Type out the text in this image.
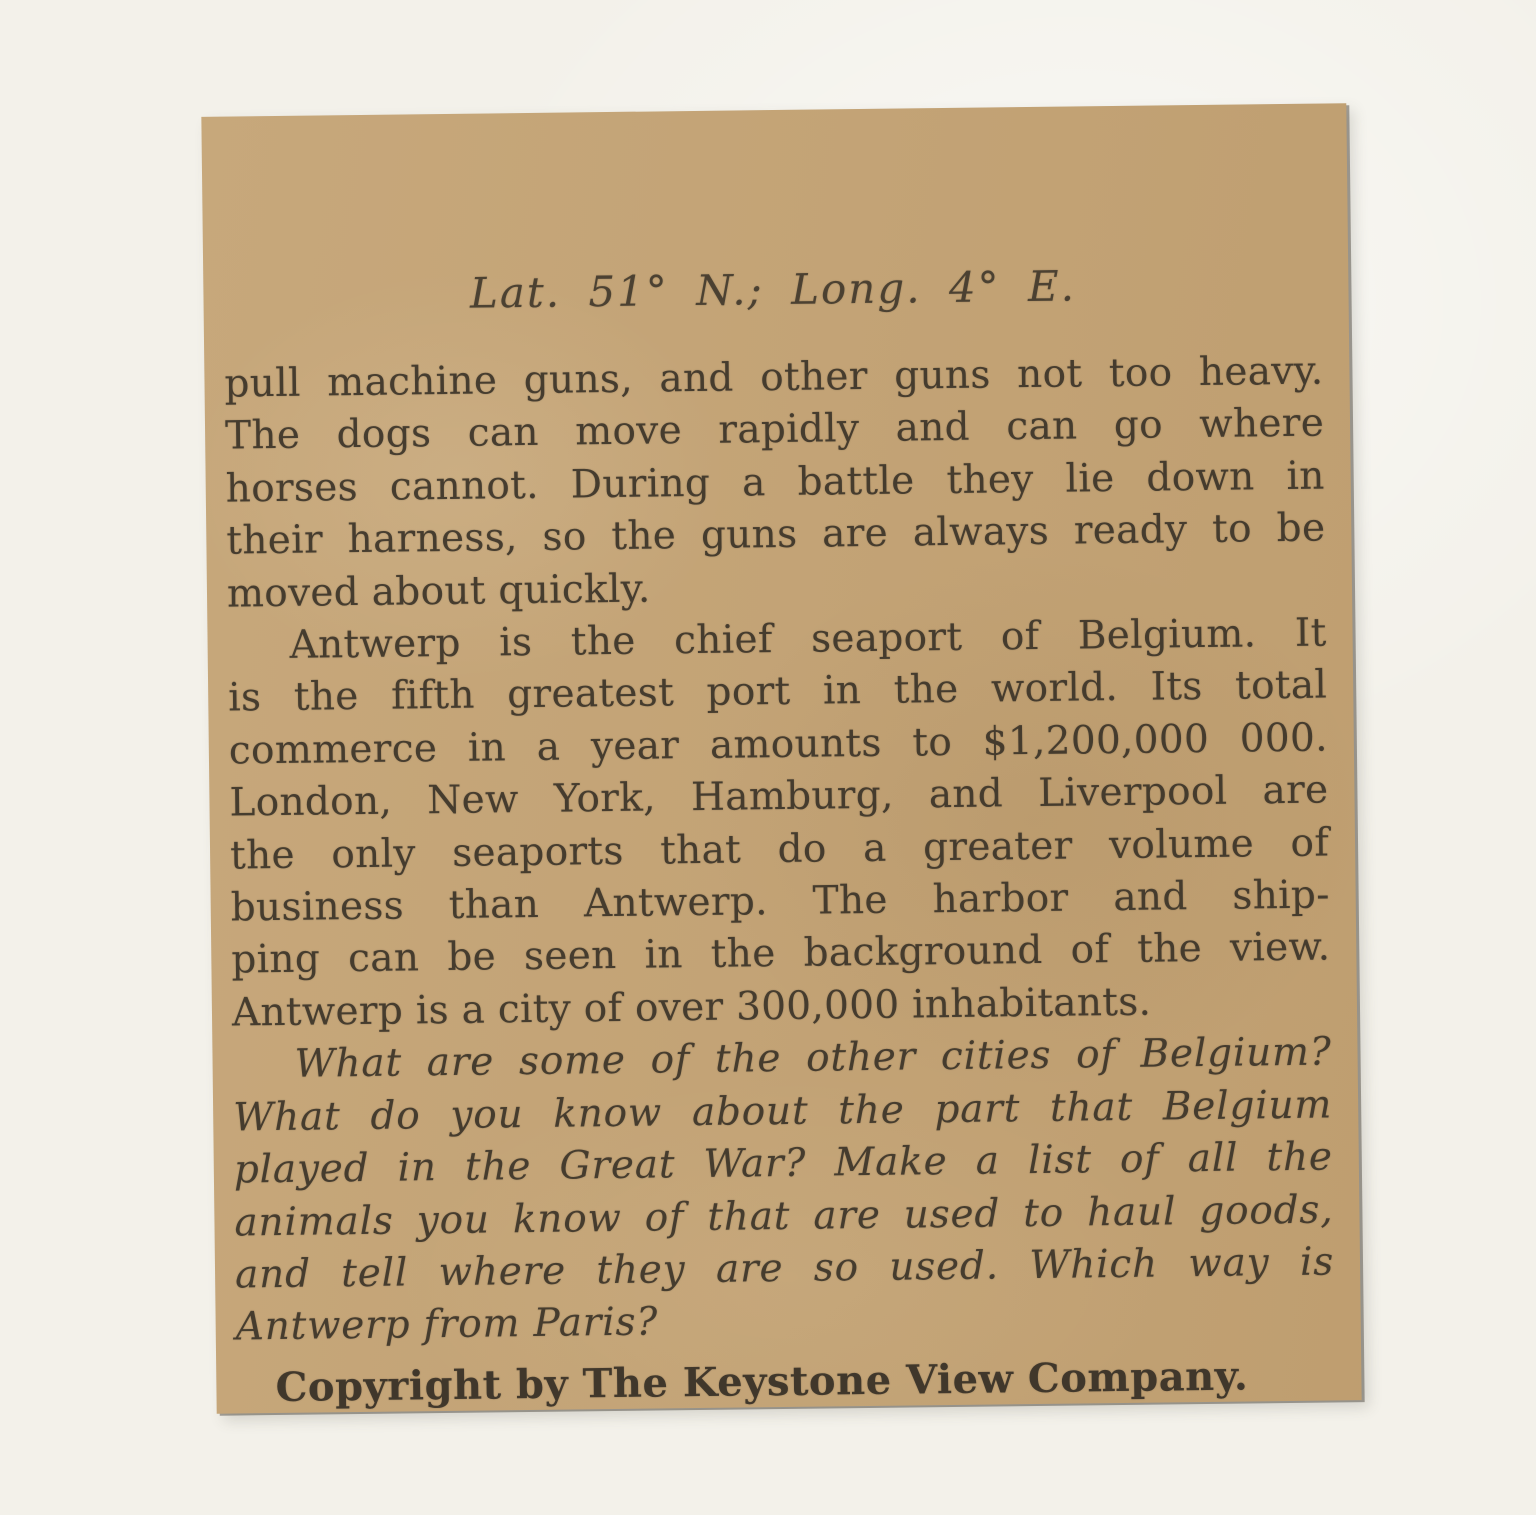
Lat. 51° N.; Long. 4° E.
pull machine guns, and other guns not too heavy.
The dogs can move rapidly and can go where
horses cannot. During a battle they lie down in
their harness, so the guns are always ready to be
moved about quickly.
Antwerp is the chief seaport of Belgium. It
is the fifth greatest port in the world. Its total
commerce in a year amounts to $1,200,000 000.
London, New York, Hamburg, and Liverpool are
the only seaports that do a greater volume of
business than Antwerp. The harbor and ship-
ping can be seen in the background of the view.
Antwerp is a city of over 300,000 inhabitants.
What are some of the other cities of Belgium?
What do you know about the part that Belgium
played in the Great War? Make a list of all the
animals you know of that are used to haul goods,
and tell where they are so used. Which way is
Antwerp from Paris?
Copyright by The Keystone View Company.
